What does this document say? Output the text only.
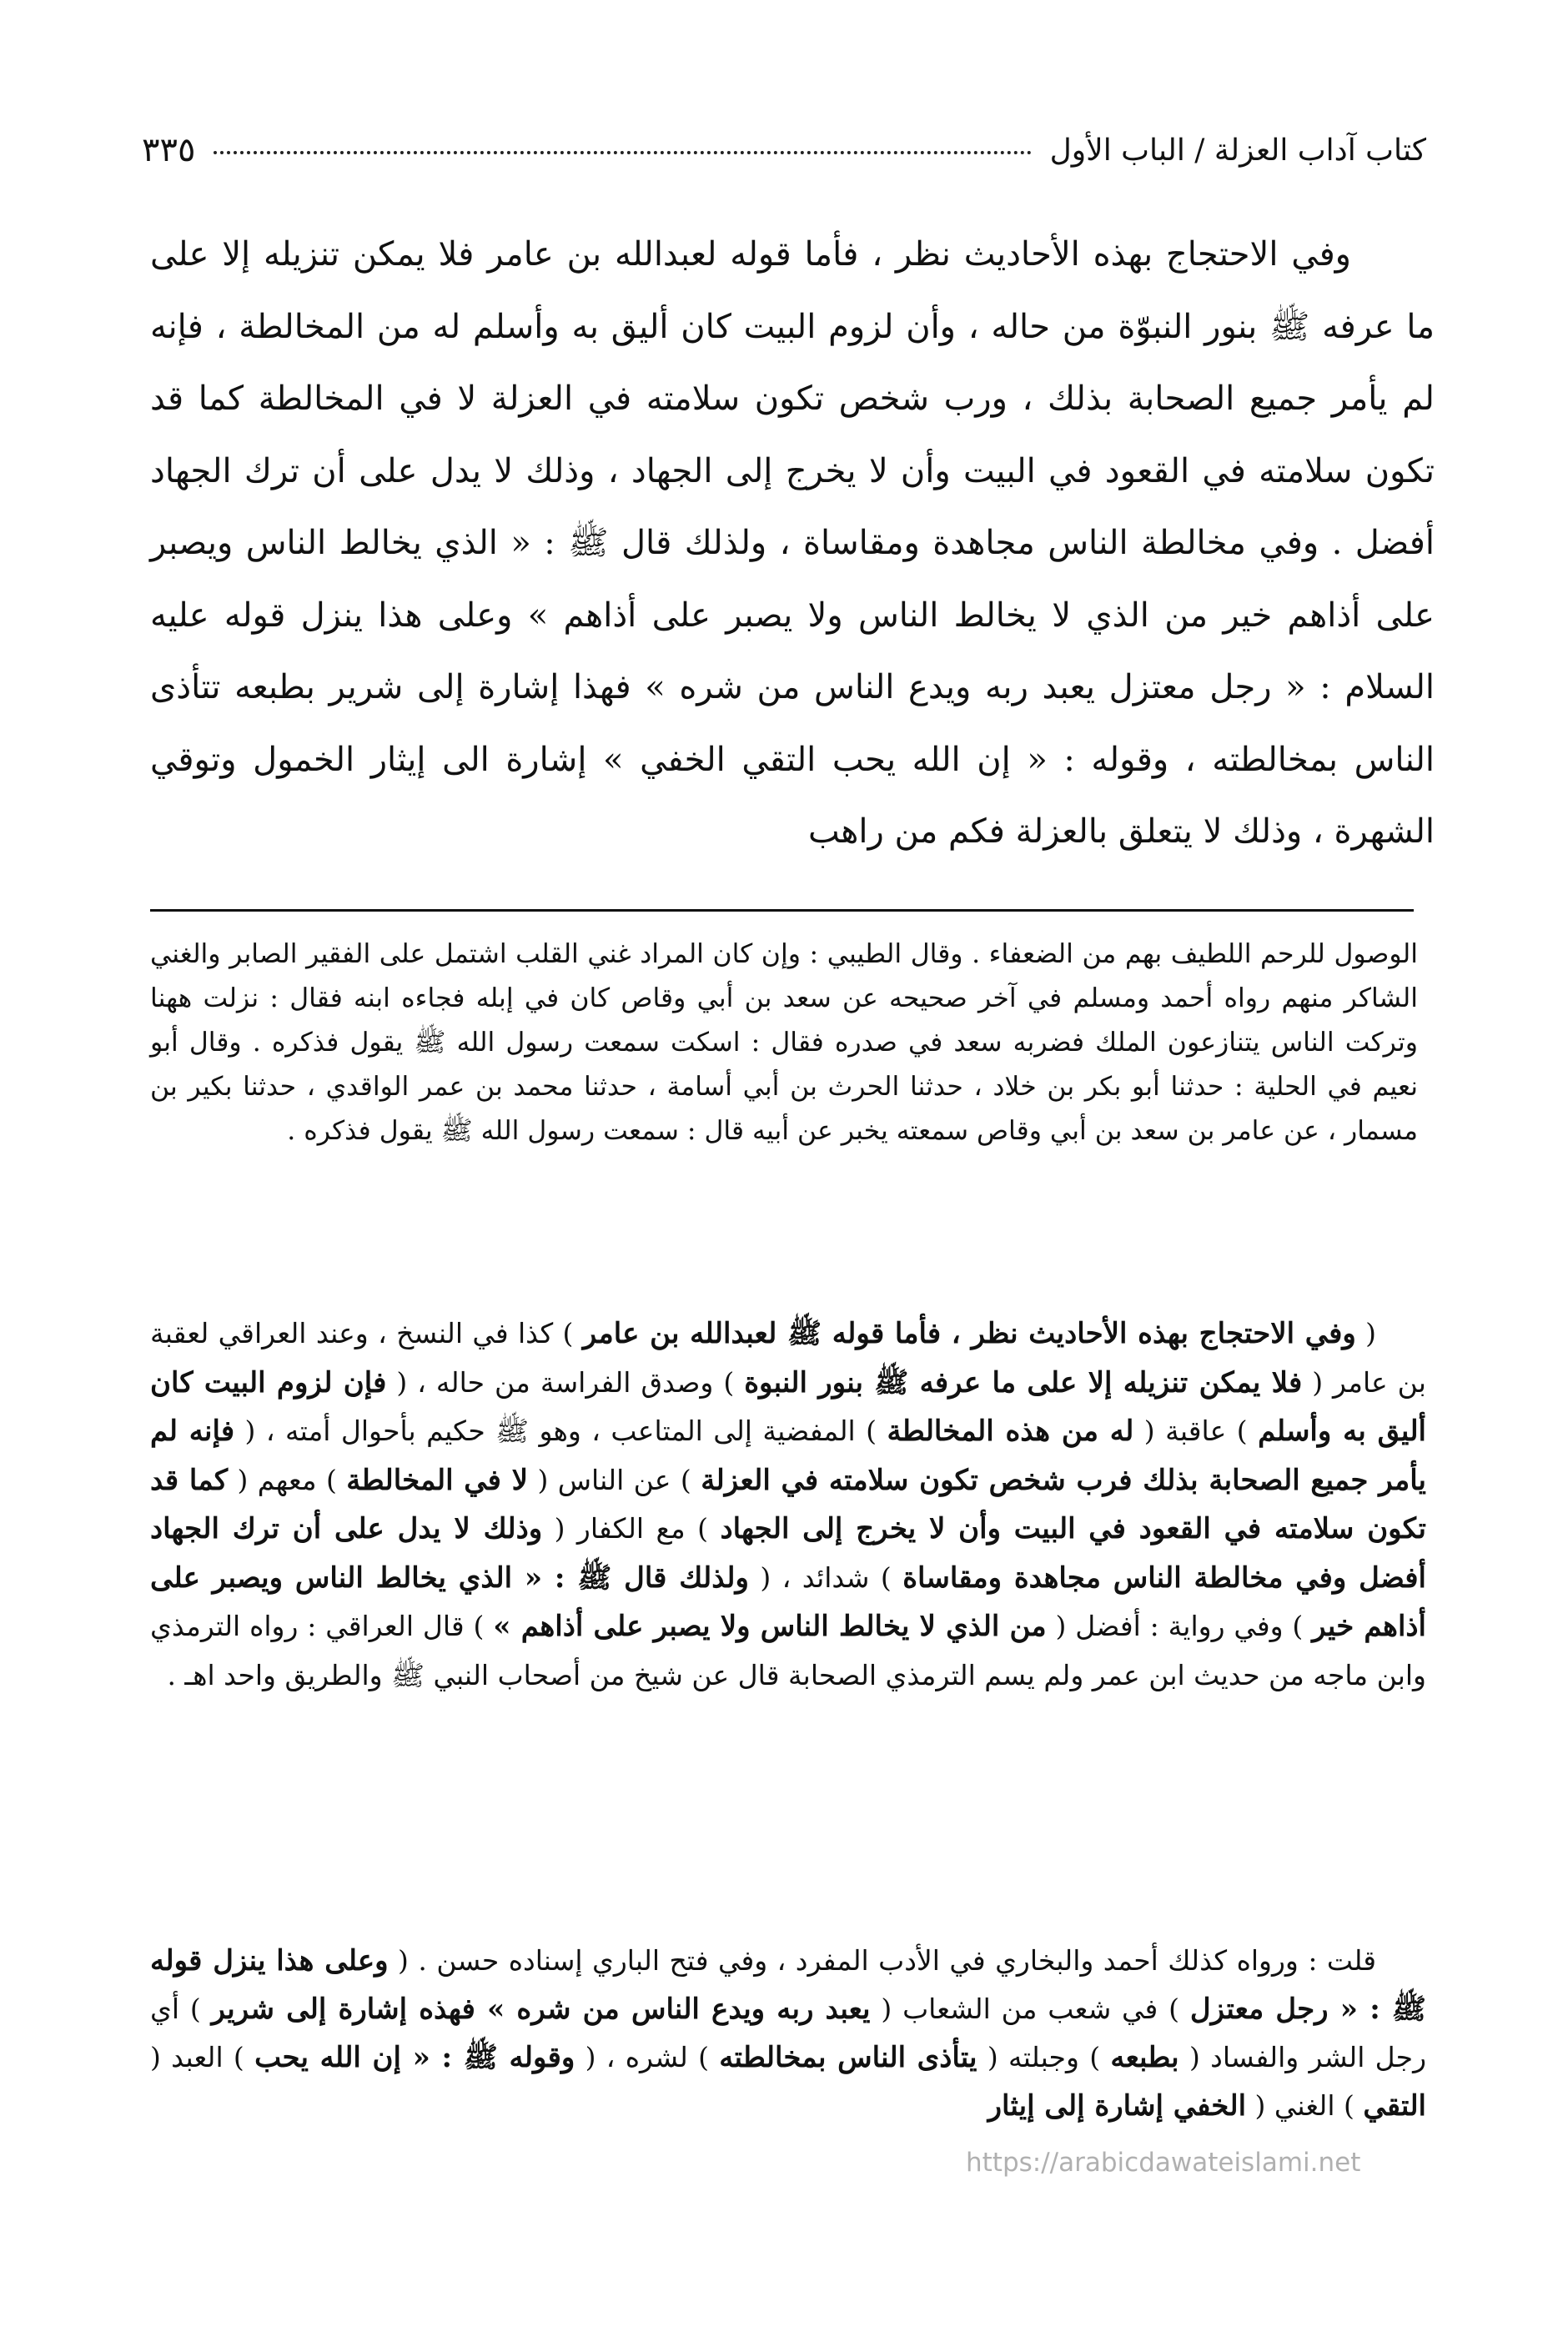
كتاب آداب العزلة / الباب الأول
٣٣٥

وفي الاحتجاج بهذه الأحاديث نظر ، فأما قوله لعبدالله بن عامر فلا يمكن تنزيله إلا على ما عرفه ﷺ بنور النبوّة من حاله ، وأن لزوم البيت كان أليق به وأسلم له من المخالطة ، فإنه لم يأمر جميع الصحابة بذلك ، ورب شخص تكون سلامته في العزلة لا في المخالطة كما قد تكون سلامته في القعود في البيت وأن لا يخرج إلى الجهاد ، وذلك لا يدل على أن ترك الجهاد أفضل . وفي مخالطة الناس مجاهدة ومقاساة ، ولذلك قال ﷺ : « الذي يخالط الناس ويصبر على أذاهم خير من الذي لا يخالط الناس ولا يصبر على أذاهم » وعلى هذا ينزل قوله عليه السلام : « رجل معتزل يعبد ربه ويدع الناس من شره » فهذا إشارة إلى شرير بطبعه تتأذى الناس بمخالطته ، وقوله : « إن الله يحب التقي الخفي » إشارة الى إيثار الخمول وتوقي الشهرة ، وذلك لا يتعلق بالعزلة فكم من راهب

الوصول للرحم اللطيف بهم من الضعفاء . وقال الطيبي : وإن كان المراد غني القلب اشتمل على الفقير الصابر والغني الشاكر منهم رواه أحمد ومسلم في آخر صحيحه عن سعد بن أبي وقاص كان في إبله فجاءه ابنه فقال : نزلت ههنا وتركت الناس يتنازعون الملك فضربه سعد في صدره فقال : اسكت سمعت رسول الله ﷺ يقول فذكره . وقال أبو نعيم في الحلية : حدثنا أبو بكر بن خلاد ، حدثنا الحرث بن أبي أسامة ، حدثنا محمد بن عمر الواقدي ، حدثنا بكير بن مسمار ، عن عامر بن سعد بن أبي وقاص سمعته يخبر عن أبيه قال : سمعت رسول الله ﷺ يقول فذكره .

( وفي الاحتجاج بهذه الأحاديث نظر ، فأما قوله ﷺ لعبدالله بن عامر ) كذا في النسخ ، وعند العراقي لعقبة بن عامر ( فلا يمكن تنزيله إلا على ما عرفه ﷺ بنور النبوة ) وصدق الفراسة من حاله ، ( فإن لزوم البيت كان أليق به وأسلم ) عاقبة ( له من هذه المخالطة ) المفضية إلى المتاعب ، وهو ﷺ حكيم بأحوال أمته ، ( فإنه لم يأمر جميع الصحابة بذلك فرب شخص تكون سلامته في العزلة ) عن الناس ( لا في المخالطة ) معهم ( كما قد تكون سلامته في القعود في البيت وأن لا يخرج إلى الجهاد ) مع الكفار ( وذلك لا يدل على أن ترك الجهاد أفضل وفي مخالطة الناس مجاهدة ومقاساة ) شدائد ، ( ولذلك قال ﷺ : « الذي يخالط الناس ويصبر على أذاهم خير ) وفي رواية : أفضل ( من الذي لا يخالط الناس ولا يصبر على أذاهم » ) قال العراقي : رواه الترمذي وابن ماجه من حديث ابن عمر ولم يسم الترمذي الصحابة قال عن شيخ من أصحاب النبي ﷺ والطريق واحد اهـ .

قلت : ورواه كذلك أحمد والبخاري في الأدب المفرد ، وفي فتح الباري إسناده حسن . ( وعلى هذا ينزل قوله ﷺ : « رجل معتزل ) في شعب من الشعاب ( يعبد ربه ويدع الناس من شره » فهذه إشارة إلى شرير ) أي رجل الشر والفساد ( بطبعه ) وجبلته ( يتأذى الناس بمخالطته ) لشره ، ( وقوله ﷺ : « إن الله يحب ) العبد ( التقي ) الغني ( الخفي إشارة إلى إيثار

https://arabicdawateislami.net
